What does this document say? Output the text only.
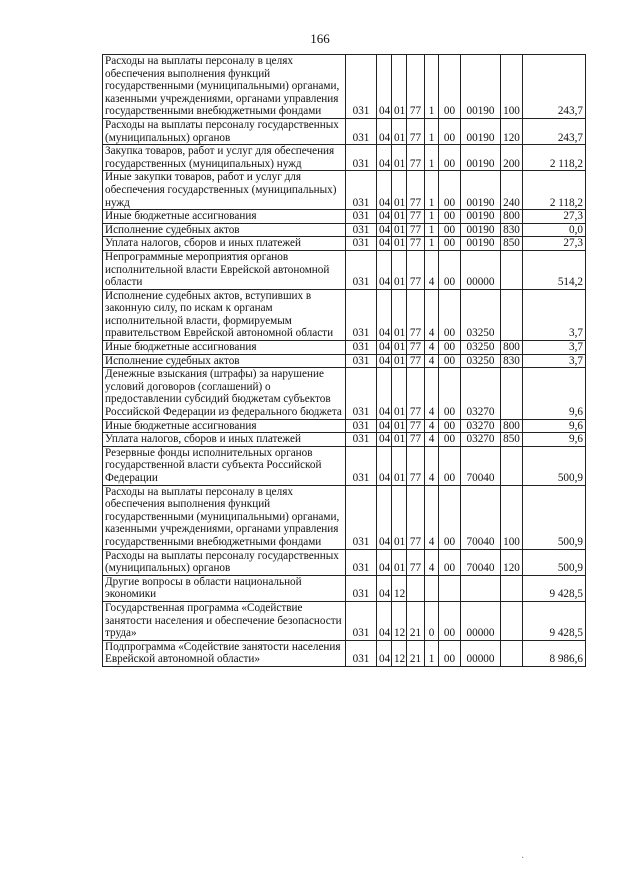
166
Расходы на выплаты персоналу в целях обеспечения выполнения функций государственными (муниципальными) органами, казенными учреждениями, органами управления государственными внебюджетными фондами	031	04	01	77	1	00	00190	100	243,7
Расходы на выплаты персоналу государственных (муниципальных) органов	031	04	01	77	1	00	00190	120	243,7
Закупка товаров, работ и услуг для обеспечения государственных (муниципальных) нужд	031	04	01	77	1	00	00190	200	2 118,2
Иные закупки товаров, работ и услуг для обеспечения государственных (муниципальных) нужд	031	04	01	77	1	00	00190	240	2 118,2
Иные бюджетные ассигнования	031	04	01	77	1	00	00190	800	27,3
Исполнение судебных актов	031	04	01	77	1	00	00190	830	0,0
Уплата налогов, сборов и иных платежей	031	04	01	77	1	00	00190	850	27,3
Непрограммные мероприятия органов исполнительной власти Еврейской автономной области	031	04	01	77	4	00	00000		514,2
Исполнение судебных актов, вступивших в законную силу, по искам к органам исполнительной власти, формируемым правительством Еврейской автономной области	031	04	01	77	4	00	03250		3,7
Иные бюджетные ассигнования	031	04	01	77	4	00	03250	800	3,7
Исполнение судебных актов	031	04	01	77	4	00	03250	830	3,7
Денежные взыскания (штрафы) за нарушение условий договоров (соглашений) о предоставлении субсидий бюджетам субъектов Российской Федерации из федерального бюджета	031	04	01	77	4	00	03270		9,6
Иные бюджетные ассигнования	031	04	01	77	4	00	03270	800	9,6
Уплата налогов, сборов и иных платежей	031	04	01	77	4	00	03270	850	9,6
Резервные фонды исполнительных органов государственной власти субъекта Российской Федерации	031	04	01	77	4	00	70040		500,9
Расходы на выплаты персоналу в целях обеспечения выполнения функций государственными (муниципальными) органами, казенными учреждениями, органами управления государственными внебюджетными фондами	031	04	01	77	4	00	70040	100	500,9
Расходы на выплаты персоналу государственных (муниципальных) органов	031	04	01	77	4	00	70040	120	500,9
Другие вопросы в области национальной экономики	031	04	12						9 428,5
Государственная программа «Содействие занятости населения и обеспечение безопасности труда»	031	04	12	21	0	00	00000		9 428,5
Подпрограмма «Содействие занятости населения Еврейской автономной области»	031	04	12	21	1	00	00000		8 986,6
·
